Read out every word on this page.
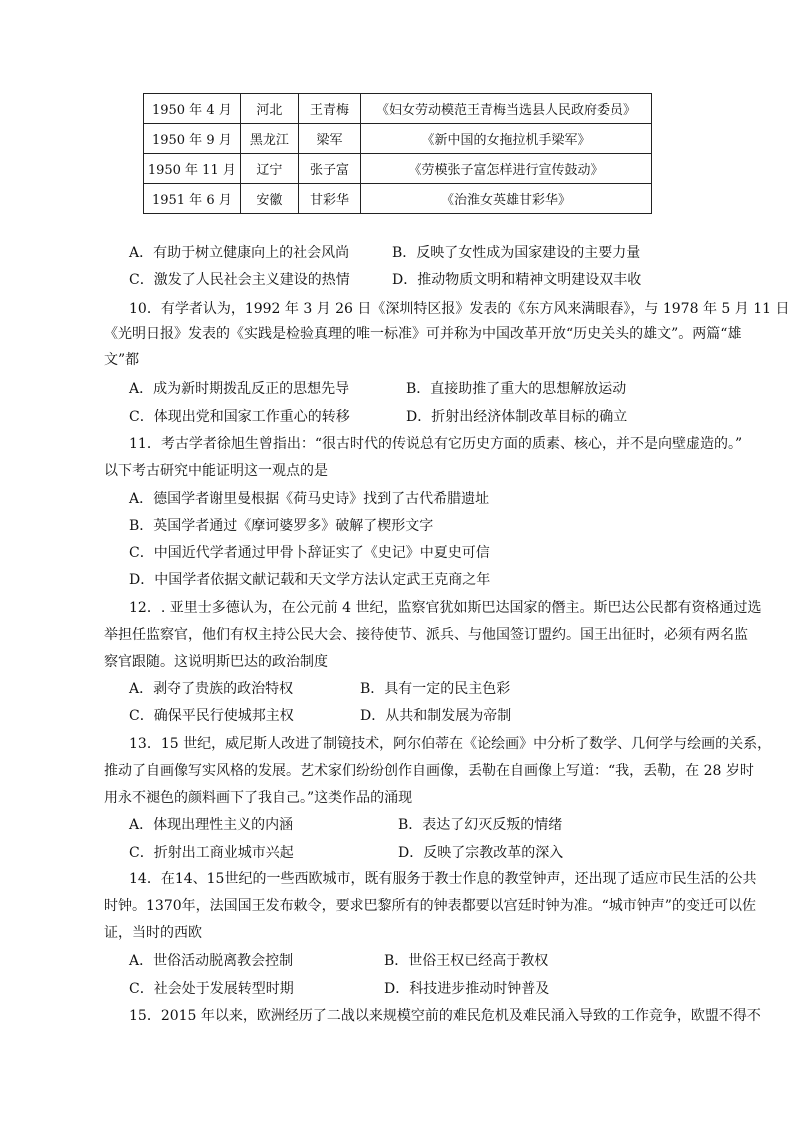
1950 年 4 月	河北	王青梅	《妇女劳动模范王青梅当选县人民政府委员》
1950 年 9 月	黑龙江	梁军	《新中国的女拖拉机手梁军》
1950 年 11 月	辽宁	张子富	《劳模张子富怎样进行宣传鼓动》
1951 年 6 月	安徽	甘彩华	《治淮女英雄甘彩华》
A．有助于树立健康向上的社会风尚	B．反映了女性成为国家建设的主要力量
C．激发了人民社会主义建设的热情	D．推动物质文明和精神文明建设双丰收
10．有学者认为，1992 年 3 月 26 日《深圳特区报》发表的《东方风来满眼春》，与 1978 年 5 月 11 日
《光明日报》发表的《实践是检验真理的唯一标准》可并称为中国改革开放“历史关头的雄文”。两篇“雄
文”都
A．成为新时期拨乱反正的思想先导	B．直接助推了重大的思想解放运动
C．体现出党和国家工作重心的转移	D．折射出经济体制改革目标的确立
11．考古学者徐旭生曾指出：“很古时代的传说总有它历史方面的质素、核心，并不是向壁虚造的。”
以下考古研究中能证明这一观点的是
A．德国学者谢里曼根据《荷马史诗》找到了古代希腊遗址
B．英国学者通过《摩诃婆罗多》破解了楔形文字
C．中国近代学者通过甲骨卜辞证实了《史记》中夏史可信
D．中国学者依据文献记载和天文学方法认定武王克商之年
12．. 亚里士多德认为，在公元前 4 世纪，监察官犹如斯巴达国家的僭主。斯巴达公民都有资格通过选
举担任监察官，他们有权主持公民大会、接待使节、派兵、与他国签订盟约。国王出征时，必须有两名监
察官跟随。这说明斯巴达的政治制度
A．剥夺了贵族的政治特权	B．具有一定的民主色彩
C．确保平民行使城邦主权	D．从共和制发展为帝制
13．15 世纪，威尼斯人改进了制镜技术，阿尔伯蒂在《论绘画》中分析了数学、几何学与绘画的关系，
推动了自画像写实风格的发展。艺术家们纷纷创作自画像，丢勒在自画像上写道：“我，丢勒，在 28 岁时
用永不褪色的颜料画下了我自己。”这类作品的涌现
A．体现出理性主义的内涵	B．表达了幻灭反叛的情绪
C．折射出工商业城市兴起	D．反映了宗教改革的深入
14．在14、15世纪的一些西欧城市，既有服务于教士作息的教堂钟声，还出现了适应市民生活的公共
时钟。1370年，法国国王发布敕令，要求巴黎所有的钟表都要以宫廷时钟为准。“城市钟声”的变迁可以佐
证，当时的西欧
A．世俗活动脱离教会控制	B．世俗王权已经高于教权
C．社会处于发展转型时期	D．科技进步推动时钟普及
15．2015 年以来，欧洲经历了二战以来规模空前的难民危机及难民涌入导致的工作竞争，欧盟不得不
